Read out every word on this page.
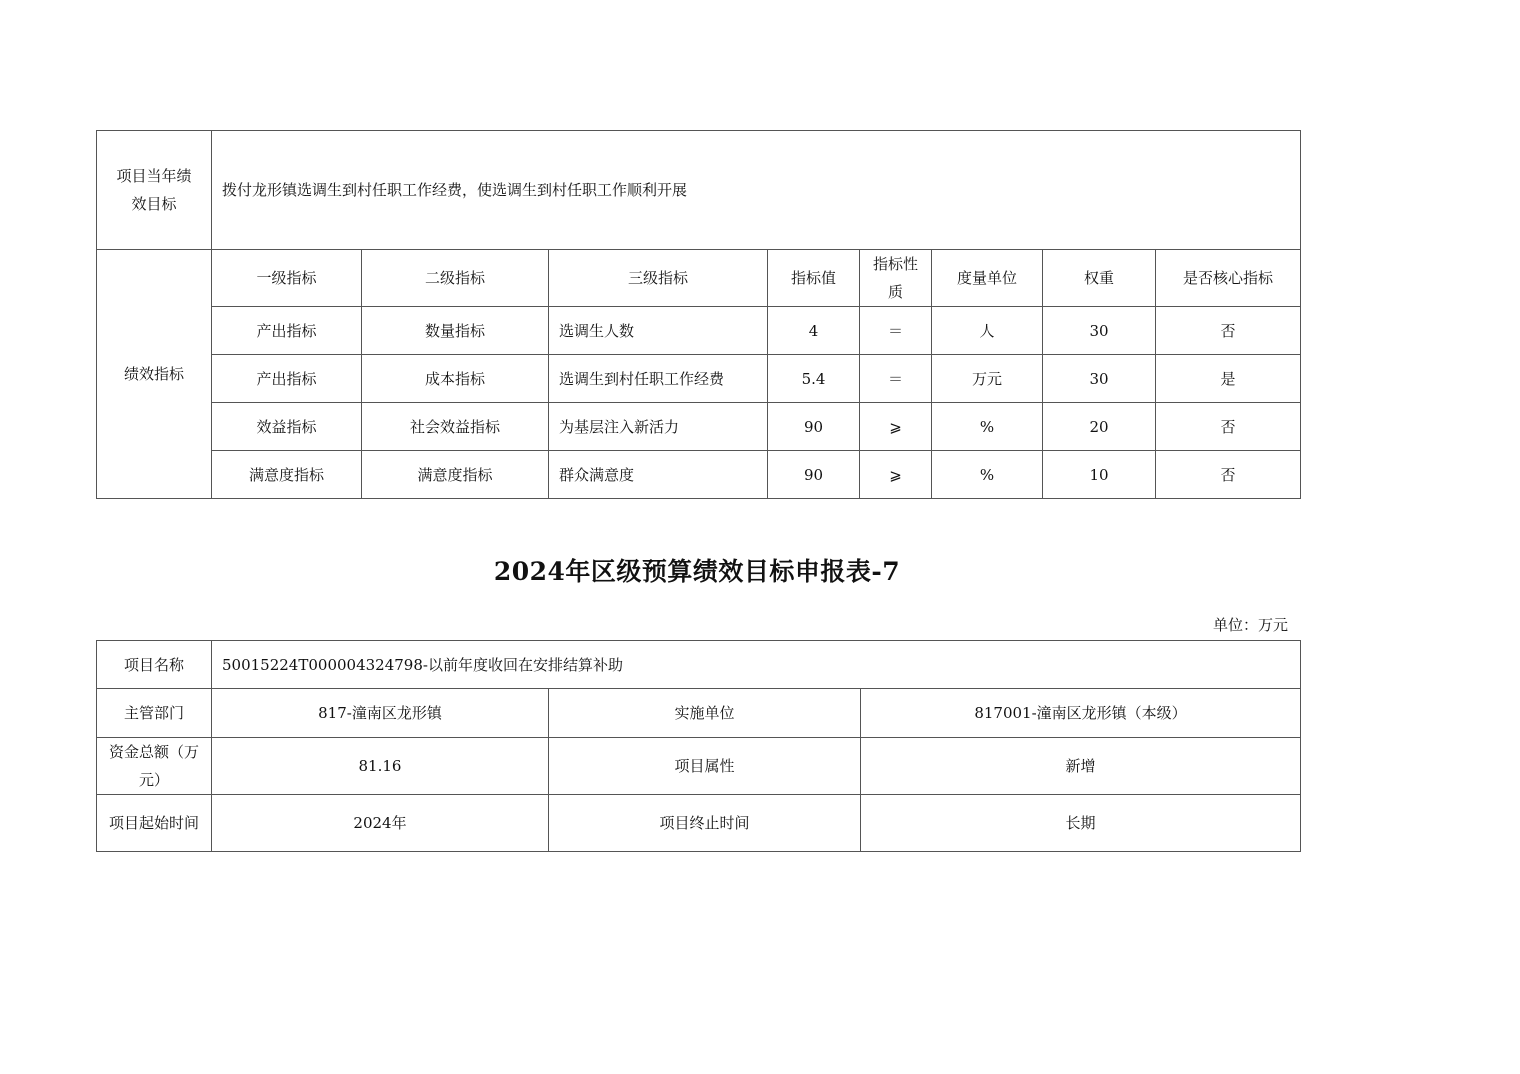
项目当年绩效目标	拨付龙形镇选调生到村任职工作经费，使选调生到村任职工作顺利开展							
绩效指标	一级指标	二级指标	三级指标	指标值	指标性质	度量单位	权重	是否核心指标
	产出指标	数量指标	选调生人数	4	＝	人	30	否
	产出指标	成本指标	选调生到村任职工作经费	5.4	＝	万元	30	是
	效益指标	社会效益指标	为基层注入新活力	90	⩾	%	20	否
	满意度指标	满意度指标	群众满意度	90	⩾	%	10	否
2024年区级预算绩效目标申报表-7
单位：万元
项目名称	50015224T000004324798-以前年度收回在安排结算补助		
主管部门	817-潼南区龙形镇	实施单位	817001-潼南区龙形镇（本级）
资金总额（万元）	81.16	项目属性	新增
项目起始时间	2024年	项目终止时间	长期
